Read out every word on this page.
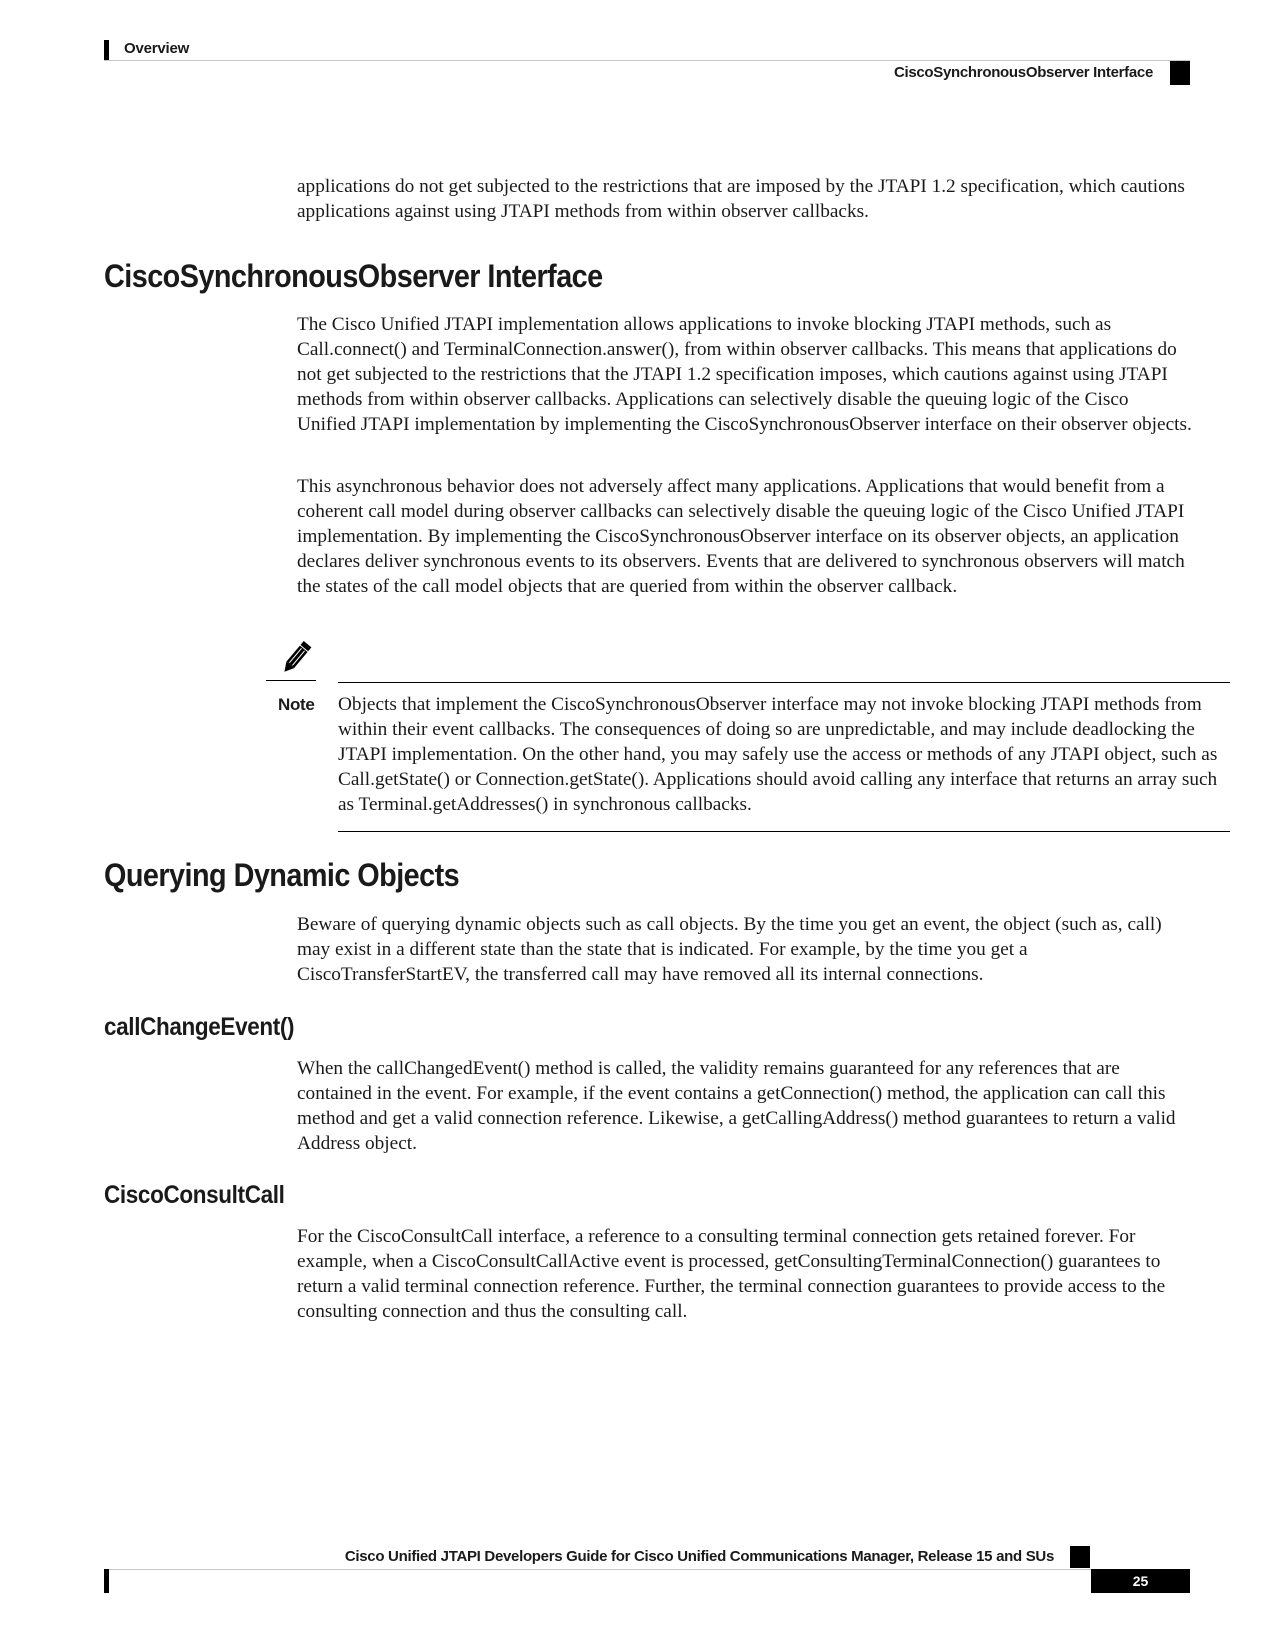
Overview
CiscoSynchronousObserver Interface

applications do not get subjected to the restrictions that are imposed by the JTAPI 1.2 specification, which cautions applications against using JTAPI methods from within observer callbacks.

CiscoSynchronousObserver Interface

The Cisco Unified JTAPI implementation allows applications to invoke blocking JTAPI methods, such as Call.connect() and TerminalConnection.answer(), from within observer callbacks. This means that applications do not get subjected to the restrictions that the JTAPI 1.2 specification imposes, which cautions against using JTAPI methods from within observer callbacks. Applications can selectively disable the queuing logic of the Cisco Unified JTAPI implementation by implementing the CiscoSynchronousObserver interface on their observer objects.

This asynchronous behavior does not adversely affect many applications. Applications that would benefit from a coherent call model during observer callbacks can selectively disable the queuing logic of the Cisco Unified JTAPI implementation. By implementing the CiscoSynchronousObserver interface on its observer objects, an application declares deliver synchronous events to its observers. Events that are delivered to synchronous observers will match the states of the call model objects that are queried from within the observer callback.

Note Objects that implement the CiscoSynchronousObserver interface may not invoke blocking JTAPI methods from within their event callbacks. The consequences of doing so are unpredictable, and may include deadlocking the JTAPI implementation. On the other hand, you may safely use the access or methods of any JTAPI object, such as Call.getState() or Connection.getState(). Applications should avoid calling any interface that returns an array such as Terminal.getAddresses() in synchronous callbacks.

Querying Dynamic Objects

Beware of querying dynamic objects such as call objects. By the time you get an event, the object (such as, call) may exist in a different state than the state that is indicated. For example, by the time you get a CiscoTransferStartEV, the transferred call may have removed all its internal connections.

callChangeEvent()

When the callChangedEvent() method is called, the validity remains guaranteed for any references that are contained in the event. For example, if the event contains a getConnection() method, the application can call this method and get a valid connection reference. Likewise, a getCallingAddress() method guarantees to return a valid Address object.

CiscoConsultCall

For the CiscoConsultCall interface, a reference to a consulting terminal connection gets retained forever. For example, when a CiscoConsultCallActive event is processed, getConsultingTerminalConnection() guarantees to return a valid terminal connection reference. Further, the terminal connection guarantees to provide access to the consulting connection and thus the consulting call.

Cisco Unified JTAPI Developers Guide for Cisco Unified Communications Manager, Release 15 and SUs
25
